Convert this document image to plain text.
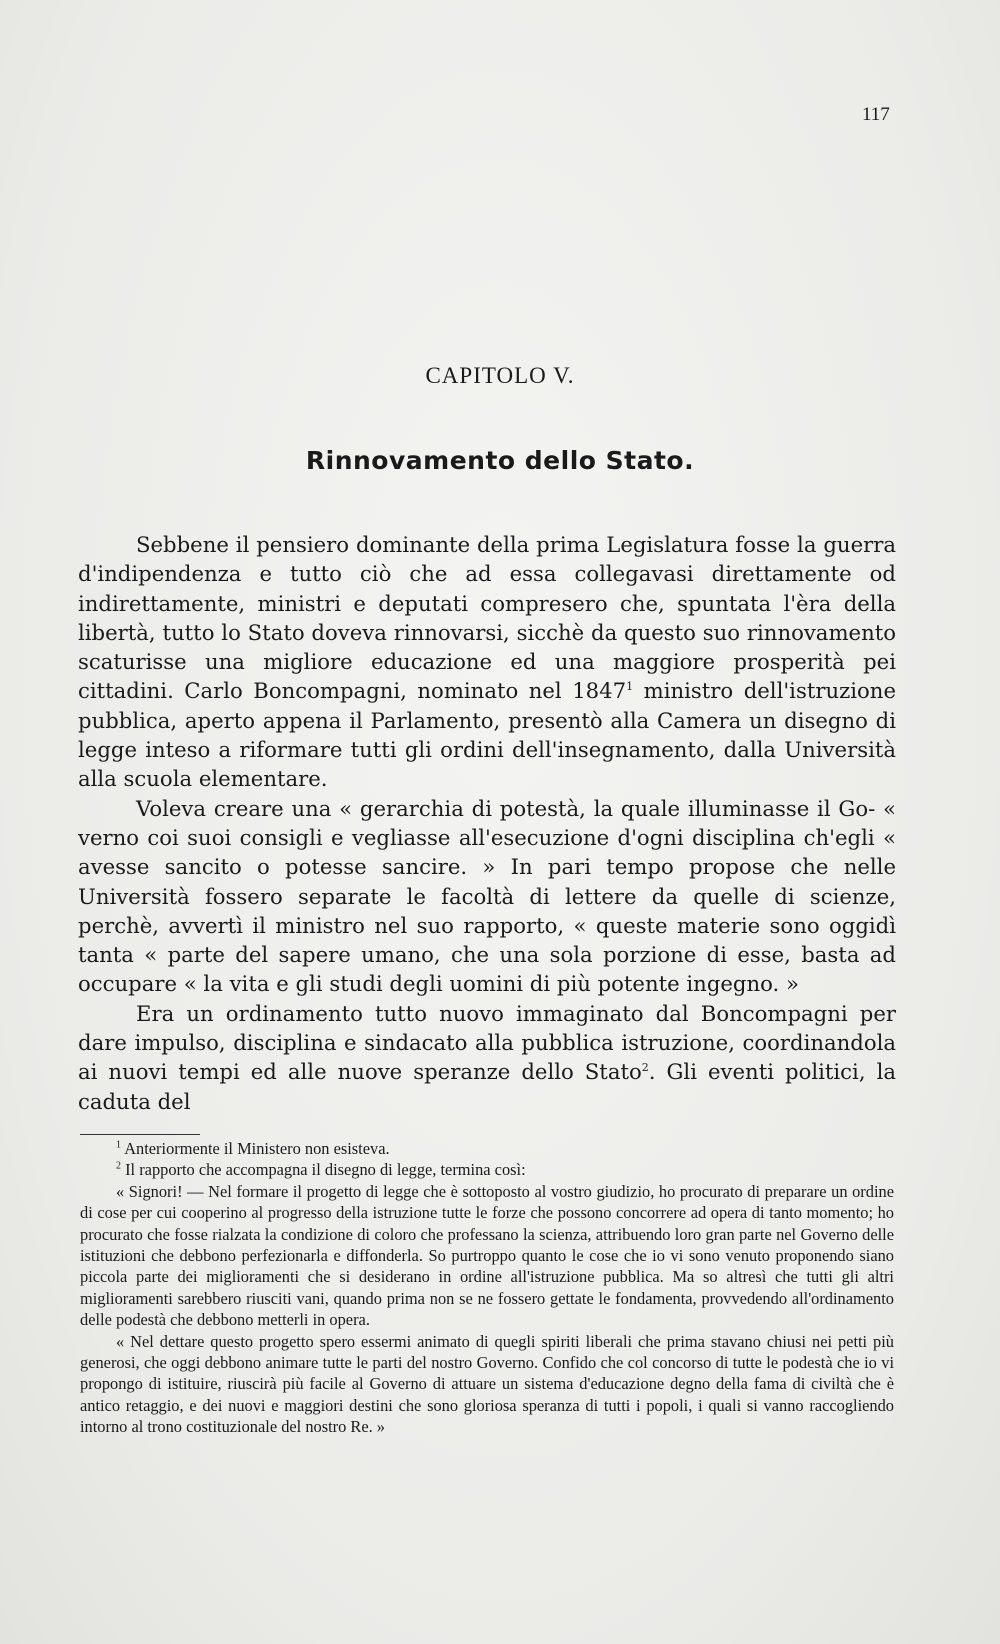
117
CAPITOLO V.
Rinnovamento dello Stato.

Sebbene il pensiero dominante della prima Legislatura fosse la guerra d'indipendenza e tutto ciò che ad essa collegavasi direttamente od indirettamente, ministri e deputati compresero che, spuntata l'èra della libertà, tutto lo Stato doveva rinnovarsi, sicchè da questo suo rinnovamento scaturisse una migliore educazione ed una maggiore prosperità pei cittadini. Carlo Boncompagni, nominato nel 1847$^1$ ministro dell'istruzione pubblica, aperto appena il Parlamento, presentò alla Camera un disegno di legge inteso a riformare tutti gli ordini dell'insegnamento, dalla Università alla scuola elementare.

Voleva creare una « gerarchia di potestà, la quale illuminasse il Go- « verno coi suoi consigli e vegliasse all'esecuzione d'ogni disciplina ch'egli « avesse sancito o potesse sancire. » In pari tempo propose che nelle Università fossero separate le facoltà di lettere da quelle di scienze, perchè, avvertì il ministro nel suo rapporto, « queste materie sono oggidì tanta « parte del sapere umano, che una sola porzione di esse, basta ad occupare « la vita e gli studi degli uomini di più potente ingegno. »

Era un ordinamento tutto nuovo immaginato dal Boncompagni per dare impulso, disciplina e sindacato alla pubblica istruzione, coordinandola ai nuovi tempi ed alle nuove speranze dello Stato$^2$. Gli eventi politici, la caduta del

$^1$ Anteriormente il Ministero non esisteva.

$^2$ Il rapporto che accompagna il disegno di legge, termina così:

« Signori! — Nel formare il progetto di legge che è sottoposto al vostro giudizio, ho procurato di preparare un ordine di cose per cui cooperino al progresso della istruzione tutte le forze che possono concorrere ad opera di tanto momento; ho procurato che fosse rialzata la condizione di coloro che professano la scienza, attribuendo loro gran parte nel Governo delle istituzioni che debbono perfezionarla e diffonderla. So purtroppo quanto le cose che io vi sono venuto proponendo siano piccola parte dei miglioramenti che si desiderano in ordine all'istruzione pubblica. Ma so altresì che tutti gli altri miglioramenti sarebbero riusciti vani, quando prima non se ne fossero gettate le fondamenta, provvedendo all'ordinamento delle podestà che debbono metterli in opera.

« Nel dettare questo progetto spero essermi animato di quegli spiriti liberali che prima stavano chiusi nei petti più generosi, che oggi debbono animare tutte le parti del nostro Governo. Confido che col concorso di tutte le podestà che io vi propongo di istituire, riuscirà più facile al Governo di attuare un sistema d'educazione degno della fama di civiltà che è antico retaggio, e dei nuovi e maggiori destini che sono gloriosa speranza di tutti i popoli, i quali si vanno raccogliendo intorno al trono costituzionale del nostro Re. »
